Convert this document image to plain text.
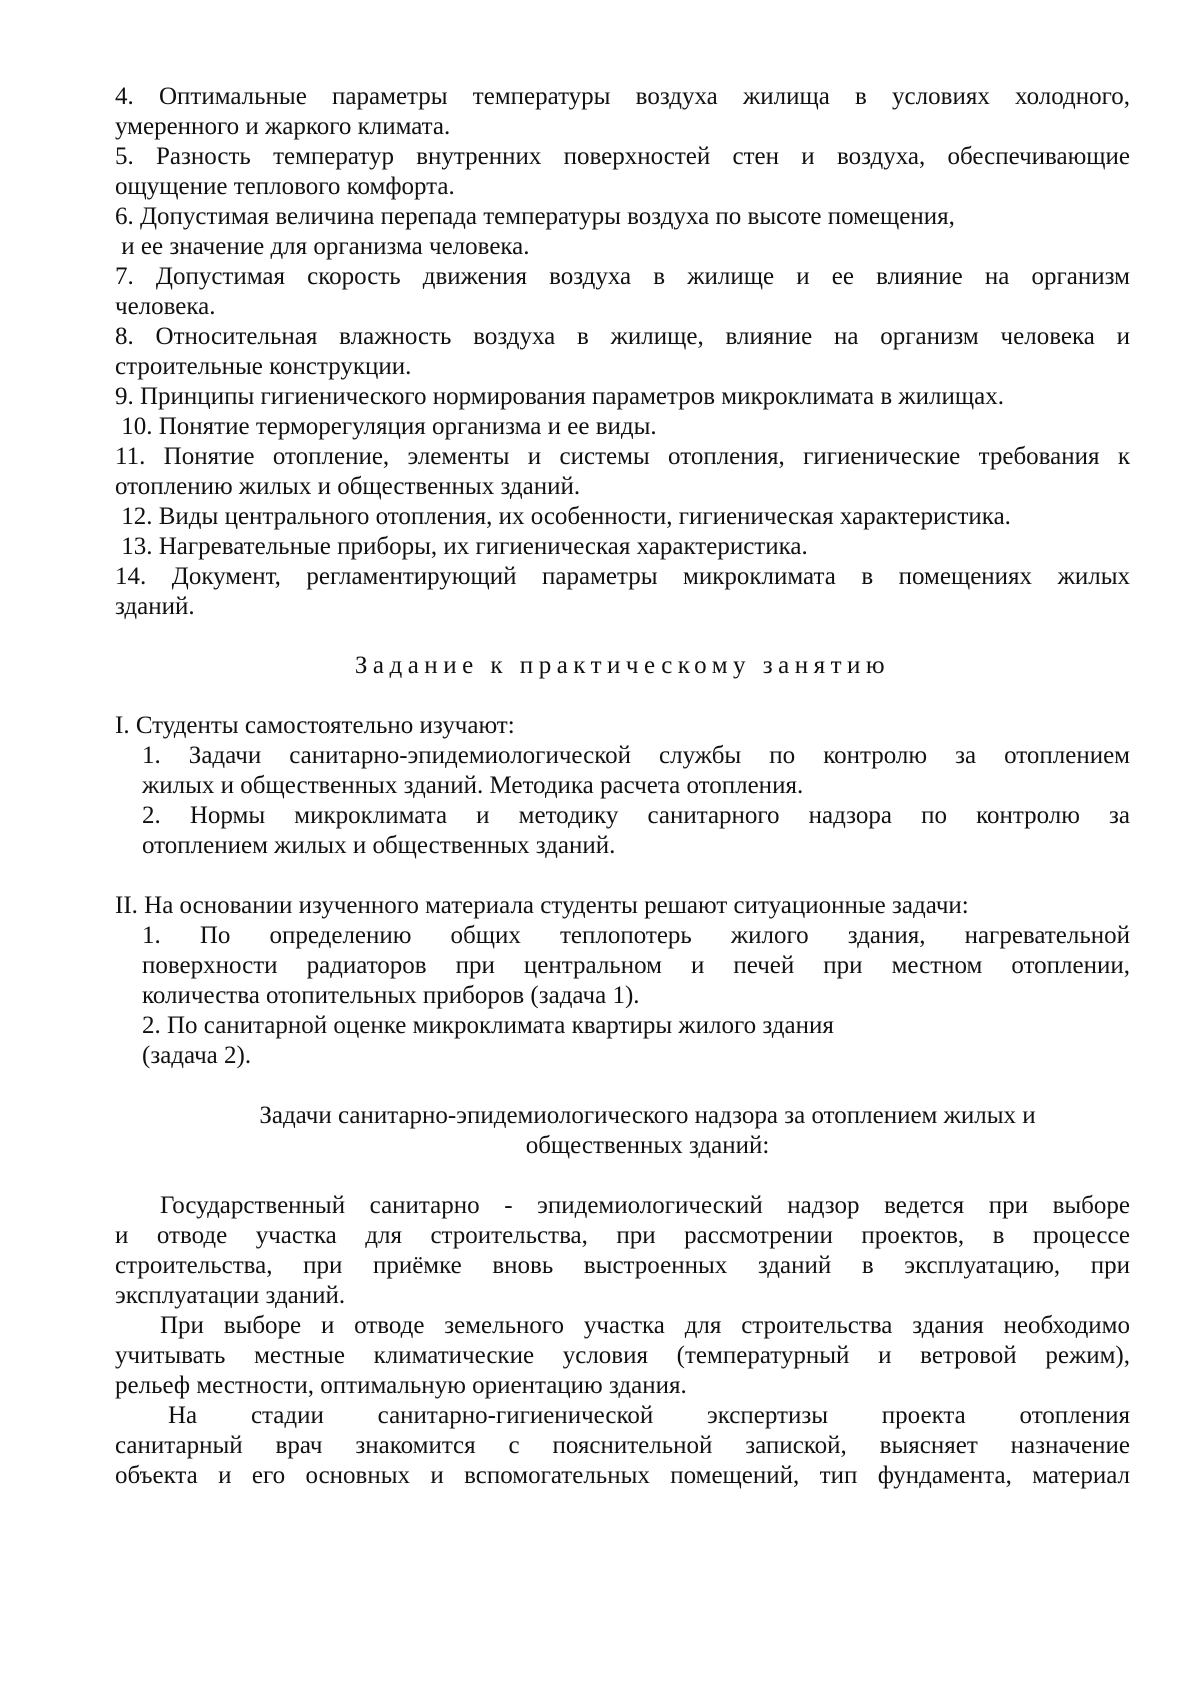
4. Оптимальные параметры температуры воздуха жилища в условиях холодного,
умеренного и жаркого климата.
5. Разность температур внутренних поверхностей стен и воздуха, обеспечивающие
ощущение теплового комфорта.
6. Допустимая величина перепада температуры воздуха по высоте помещения,
и ее значение для организма человека.
7. Допустимая скорость движения воздуха в жилище и ее влияние на организм
человека.
8. Относительная влажность воздуха в жилище, влияние на организм человека и
строительные конструкции.
9. Принципы гигиенического нормирования параметров микроклимата в жилищах.
10. Понятие терморегуляция организма и ее виды.
11. Понятие отопление, элементы и системы отопления, гигиенические требования к
отоплению жилых и общественных зданий.
12. Виды центрального отопления, их особенности, гигиеническая характеристика.
13. Нагревательные приборы, их гигиеническая характеристика.
14. Документ, регламентирующий параметры микроклимата в помещениях жилых
зданий.
Задание к практическому занятию
I. Студенты самостоятельно изучают:
1. Задачи санитарно-эпидемиологической службы по контролю за отоплением
жилых и общественных зданий. Методика расчета отопления.
2. Нормы микроклимата и методику санитарного надзора по контролю за
отоплением жилых и общественных зданий.
II. На основании изученного материала студенты решают ситуационные задачи:
1. По определению общих теплопотерь жилого здания, нагревательной
поверхности радиаторов при центральном и печей при местном отоплении,
количества отопительных приборов (задача 1).
2. По санитарной оценке микроклимата квартиры жилого здания
(задача 2).
Задачи санитарно-эпидемиологического надзора за отоплением жилых и
общественных зданий:
Государственный санитарно - эпидемиологический надзор ведется при выборе
и отводе участка для строительства, при рассмотрении проектов, в процессе
строительства, при приёмке вновь выстроенных зданий в эксплуатацию, при
эксплуатации зданий.
При выборе и отводе земельного участка для строительства здания необходимо
учитывать местные климатические условия (температурный и ветровой режим),
рельеф местности, оптимальную ориентацию здания.
На стадии санитарно-гигиенической экспертизы проекта отопления
санитарный врач знакомится с пояснительной запиской, выясняет назначение
объекта и его основных и вспомогательных помещений, тип фундамента, материал
